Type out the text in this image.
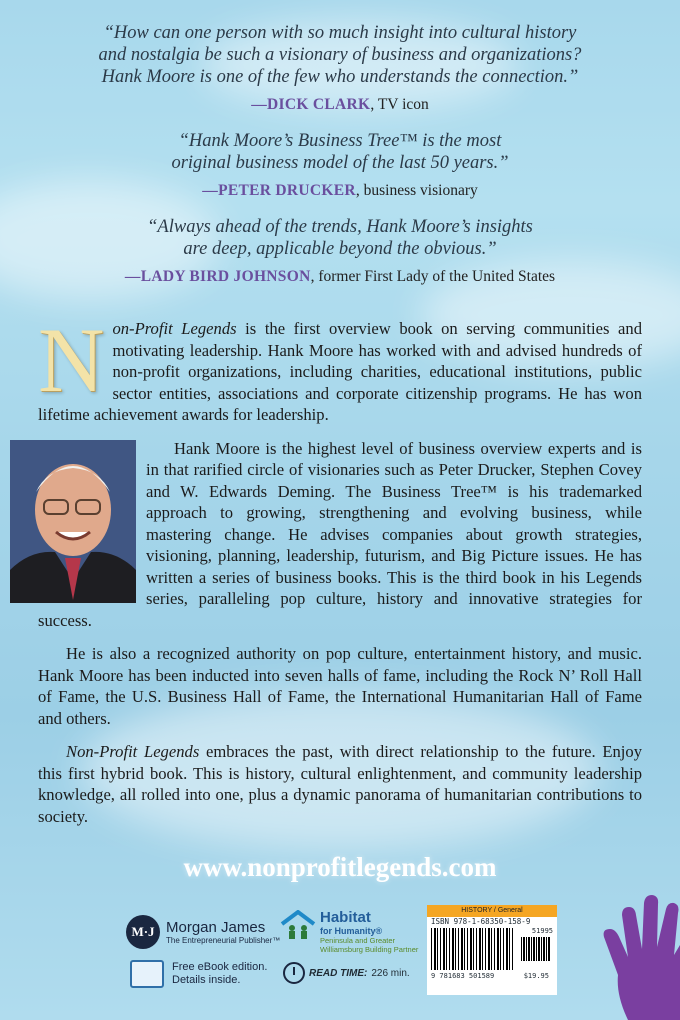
“How can one person with so much insight into cultural history
and nostalgia be such a visionary of business and organizations?
Hank Moore is one of the few who understands the connection.”
—DICK CLARK, TV icon
“Hank Moore’s Business Tree™ is the most
original business model of the last 50 years.”
—PETER DRUCKER, business visionary
“Always ahead of the trends, Hank Moore’s insights
are deep, applicable beyond the obvious.”
—LADY BIRD JOHNSON, former First Lady of the United States

Non-Profit Legends is the first overview book on serving communities and motivating leadership. Hank Moore has worked with and advised hundreds of non-profit organizations, including charities, educational institutions, public sector entities, associations and corporate citizenship programs. He has won lifetime achievement awards for leadership.

Hank Moore is the highest level of business overview experts and is in that rarified circle of visionaries such as Peter Drucker, Stephen Covey and W. Edwards Deming. The Business Tree™ is his trademarked approach to growing, strengthening and evolving business, while mastering change. He advises companies about growth strategies, visioning, planning, leadership, futurism, and Big Picture issues. He has written a series of business books. This is the third book in his Legends series, paralleling pop culture, history and innovative strategies for success.

He is also a recognized authority on pop culture, entertainment history, and music. Hank Moore has been inducted into seven halls of fame, including the Rock N’ Roll Hall of Fame, the U.S. Business Hall of Fame, the International Humanitarian Hall of Fame and others.

Non-Profit Legends embraces the past, with direct relationship to the future. Enjoy this first hybrid book. This is history, cultural enlightenment, and community leadership knowledge, all rolled into one, plus a dynamic panorama of humanitarian contributions to society.

www.nonprofitlegends.com
M·J Morgan James
The Entrepreneurial Publisher™
Free eBook edition.
Details inside.
Habitat
for Humanity®
Peninsula and Greater
Williamsburg Building Partner
READ TIME: 226 min.
HISTORY / General
ISBN 978-1-68350-158-9
51995
9 781683 501589	$19.95
